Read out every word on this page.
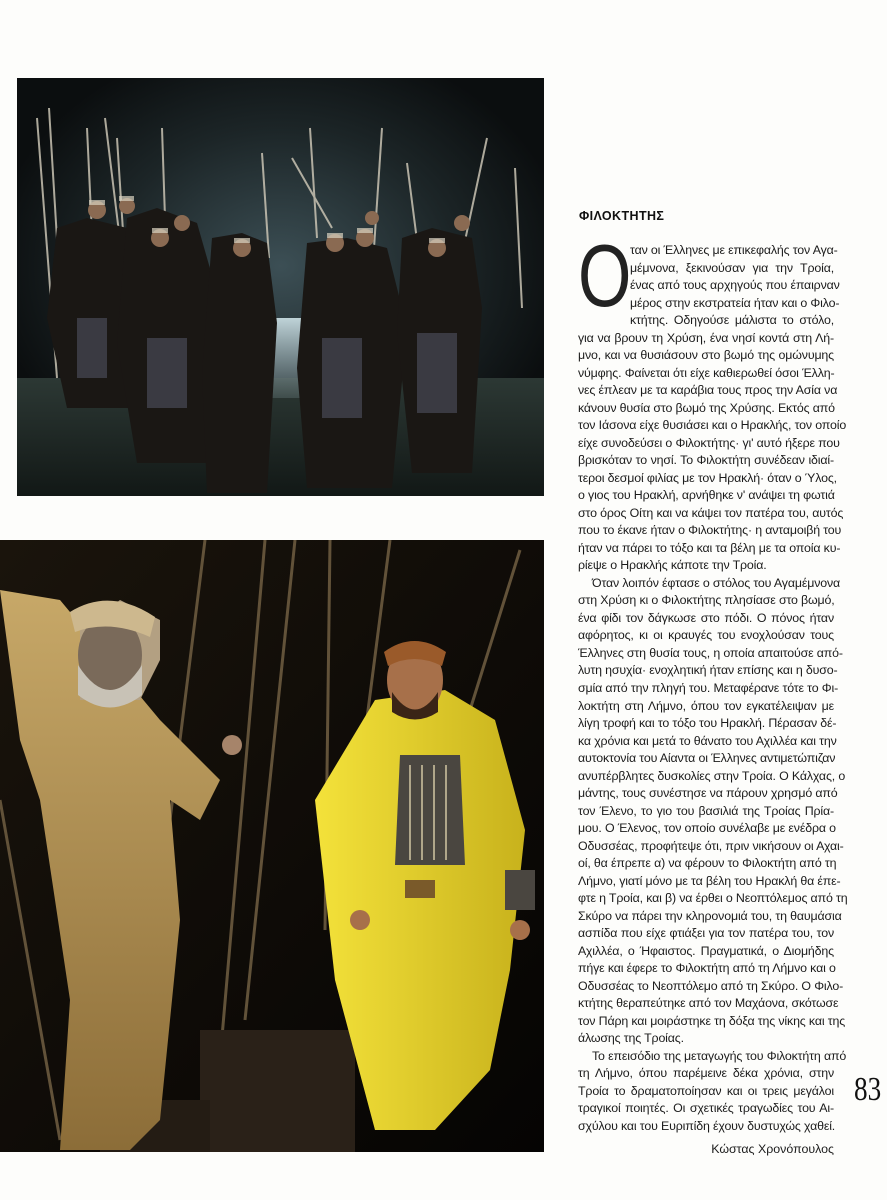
ΦΙΛΟΚΤΗΤΗΣ
Ο
ταν οι Έλληνες με επικεφαλής τον Αγα-
μέμνονα, ξεκινούσαν για την Τροία,
ένας από τους αρχηγούς που έπαιρναν
μέρος στην εκστρατεία ήταν και ο Φιλο-
κτήτης. Οδηγούσε μάλιστα το στόλο,
για να βρουν τη Χρύση, ένα νησί κοντά στη Λή-
μνο, και να θυσιάσουν στο βωμό της ομώνυμης
νύμφης. Φαίνεται ότι είχε καθιερωθεί όσοι Έλλη-
νες έπλεαν με τα καράβια τους προς την Ασία να
κάνουν θυσία στο βωμό της Χρύσης. Εκτός από
τον Ιάσονα είχε θυσιάσει και ο Ηρακλής, τον οποίο
είχε συνοδεύσει ο Φιλοκτήτης· γι' αυτό ήξερε που
βρισκόταν το νησί. Το Φιλοκτήτη συνέδεαν ιδιαί-
τεροι δεσμοί φιλίας με τον Ηρακλή· όταν ο Ύλος,
ο γιος του Ηρακλή, αρνήθηκε ν' ανάψει τη φωτιά
στο όρος Οίτη και να κάψει τον πατέρα του, αυτός
που το έκανε ήταν ο Φιλοκτήτης· η ανταμοιβή του
ήταν να πάρει το τόξο και τα βέλη με τα οποία κυ-
ρίεψε ο Ηρακλής κάποτε την Τροία.
Όταν λοιπόν έφτασε ο στόλος του Αγαμέμνονα
στη Χρύση κι ο Φιλοκτήτης πλησίασε στο βωμό,
ένα φίδι τον δάγκωσε στο πόδι. Ο πόνος ήταν
αφόρητος, κι οι κραυγές του ενοχλούσαν τους
Έλληνες στη θυσία τους, η οποία απαιτούσε από-
λυτη ησυχία· ενοχλητική ήταν επίσης και η δυσο-
σμία από την πληγή του. Μεταφέρανε τότε το Φι-
λοκτήτη στη Λήμνο, όπου τον εγκατέλειψαν με
λίγη τροφή και το τόξο του Ηρακλή. Πέρασαν δέ-
κα χρόνια και μετά το θάνατο του Αχιλλέα και την
αυτοκτονία του Αίαντα οι Έλληνες αντιμετώπιζαν
ανυπέρβλητες δυσκολίες στην Τροία. Ο Κάλχας, ο
μάντης, τους συνέστησε να πάρουν χρησμό από
τον Έλενο, το γιο του βασιλιά της Τροίας Πρία-
μου. Ο Έλενος, τον οποίο συνέλαβε με ενέδρα ο
Οδυσσέας, προφήτεψε ότι, πριν νικήσουν οι Αχαι-
οί, θα έπρεπε α) να φέρουν το Φιλοκτήτη από τη
Λήμνο, γιατί μόνο με τα βέλη του Ηρακλή θα έπε-
φτε η Τροία, και β) να έρθει ο Νεοπτόλεμος από τη
Σκύρο να πάρει την κληρονομιά του, τη θαυμάσια
ασπίδα που είχε φτιάξει για τον πατέρα του, τον
Αχιλλέα, ο Ήφαιστος. Πραγματικά, ο Διομήδης
πήγε και έφερε το Φιλοκτήτη από τη Λήμνο και ο
Οδυσσέας το Νεοπτόλεμο από τη Σκύρο. Ο Φιλο-
κτήτης θεραπεύτηκε από τον Μαχάονα, σκότωσε
τον Πάρη και μοιράστηκε τη δόξα της νίκης και της
άλωσης της Τροίας.
Το επεισόδιο της μεταγωγής του Φιλοκτήτη από
τη Λήμνο, όπου παρέμεινε δέκα χρόνια, στην
Τροία το δραματοποίησαν και οι τρεις μεγάλοι
τραγικοί ποιητές. Οι σχετικές τραγωδίες του Αι-
σχύλου και του Ευριπίδη έχουν δυστυχώς χαθεί.
Κώστας Χρονόπουλος
83
